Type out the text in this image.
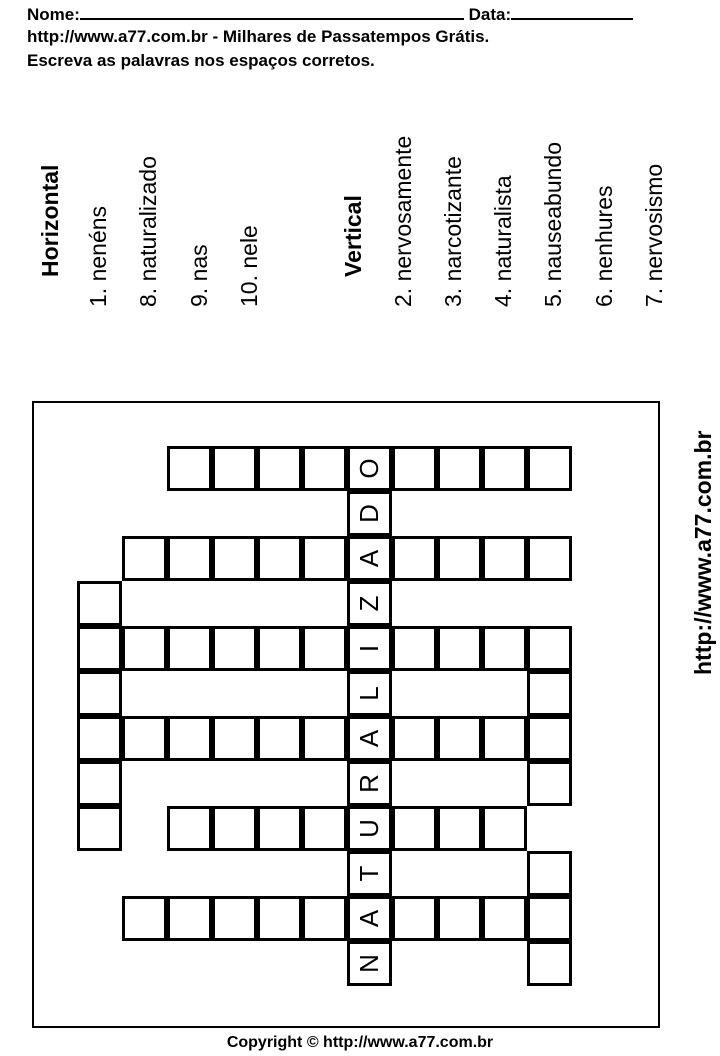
Nome:	Data:
http://www.a77.com.br - Milhares de Passatempos Grátis.
Escreva as palavras nos espaços corretos.
Horizontal 1. nenéns 8. naturalizado 9. nas 10. nele	Vertical 2. nervosamente 3. narcotizante 4. naturalista 5. nauseabundo 6. nenhures 7. nervosismo
O
D
A
Z
I
L
A
R
U
T
A
N
http://www.a77.com.br
Copyright © http://www.a77.com.br
